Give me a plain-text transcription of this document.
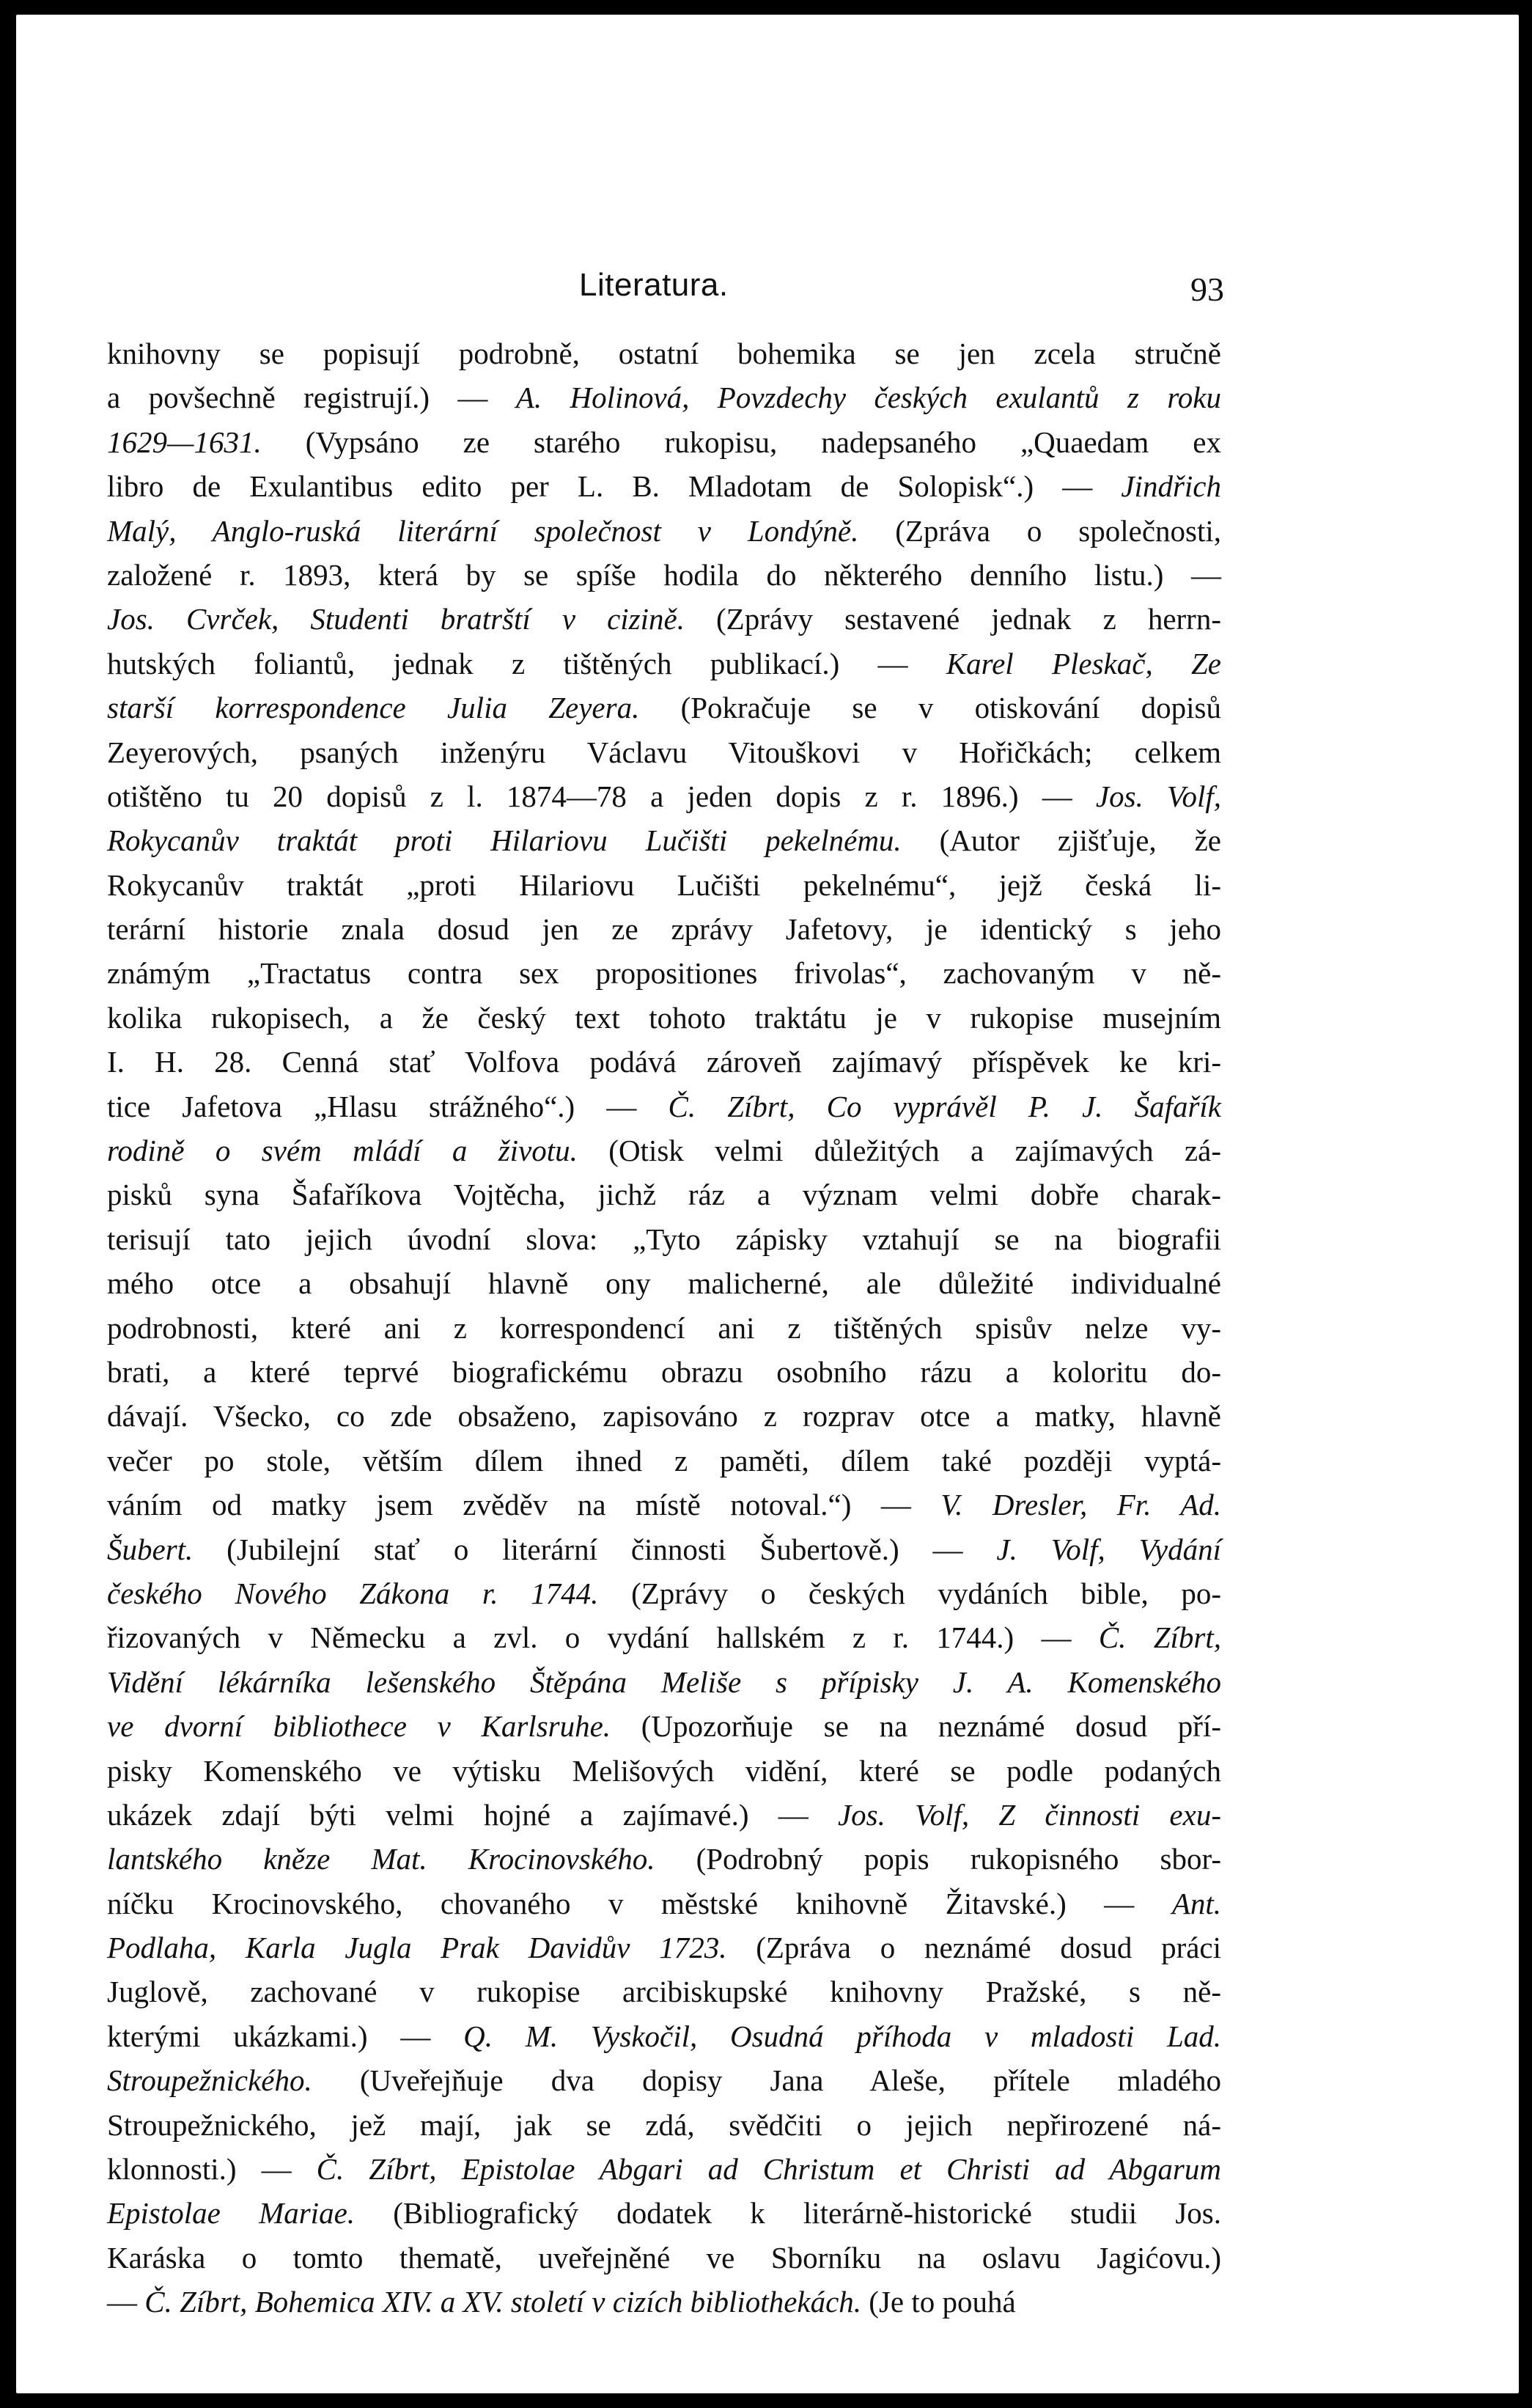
Literatura.	93
knihovny se popisují podrobně, ostatní bohemika se jen zcela stručně
a povšechně registrují.) — A. Holinová, Povzdechy českých exulantů z roku
1629—1631. (Vypsáno ze starého rukopisu, nadepsaného „Quaedam ex
libro de Exulantibus edito per L. B. Mladotam de Solopisk“.) — Jindřich
Malý, Anglo-ruská literární společnost v Londýně. (Zpráva o společnosti,
založené r. 1893, která by se spíše hodila do některého denního listu.) —
Jos. Cvrček, Studenti bratrští v cizině. (Zprávy sestavené jednak z herrn-
hutských foliantů, jednak z tištěných publikací.) — Karel Pleskač, Ze
starší korrespondence Julia Zeyera. (Pokračuje se v otiskování dopisů
Zeyerových, psaných inženýru Václavu Vitouškovi v Hořičkách; celkem
otištěno tu 20 dopisů z l. 1874—78 a jeden dopis z r. 1896.) — Jos. Volf,
Rokycanův traktát proti Hilariovu Lučišti pekelnému. (Autor zjišťuje, že
Rokycanův traktát „proti Hilariovu Lučišti pekelnému“, jejž česká li-
terární historie znala dosud jen ze zprávy Jafetovy, je identický s jeho
známým „Tractatus contra sex propositiones frivolas“, zachovaným v ně-
kolika rukopisech, a že český text tohoto traktátu je v rukopise musejním
I. H. 28. Cenná stať Volfova podává zároveň zajímavý příspěvek ke kri-
tice Jafetova „Hlasu strážného“.) — Č. Zíbrt, Co vyprávěl P. J. Šafařík
rodině o svém mládí a životu. (Otisk velmi důležitých a zajímavých zá-
pisků syna Šafaříkova Vojtěcha, jichž ráz a význam velmi dobře charak-
terisují tato jejich úvodní slova: „Tyto zápisky vztahují se na biografii
mého otce a obsahují hlavně ony malicherné, ale důležité individualné
podrobnosti, které ani z korrespondencí ani z tištěných spisův nelze vy-
brati, a které teprvé biografickému obrazu osobního rázu a koloritu do-
dávají. Všecko, co zde obsaženo, zapisováno z rozprav otce a matky, hlavně
večer po stole, větším dílem ihned z paměti, dílem také později vyptá-
váním od matky jsem zvěděv na místě notoval.“) — V. Dresler, Fr. Ad.
Šubert. (Jubilejní stať o literární činnosti Šubertově.) — J. Volf, Vydání
českého Nového Zákona r. 1744. (Zprávy o českých vydáních bible, po-
řizovaných v Německu a zvl. o vydání hallském z r. 1744.) — Č. Zíbrt,
Vidění lékárníka lešenského Štěpána Meliše s přípisky J. A. Komenského
ve dvorní bibliothece v Karlsruhe. (Upozorňuje se na neznámé dosud pří-
pisky Komenského ve výtisku Melišových vidění, které se podle podaných
ukázek zdají býti velmi hojné a zajímavé.) — Jos. Volf, Z činnosti exu-
lantského kněze Mat. Krocinovského. (Podrobný popis rukopisného sbor-
níčku Krocinovského, chovaného v městské knihovně Žitavské.) — Ant.
Podlaha, Karla Jugla Prak Davidův 1723. (Zpráva o neznámé dosud práci
Juglově, zachované v rukopise arcibiskupské knihovny Pražské, s ně-
kterými ukázkami.) — Q. M. Vyskočil, Osudná příhoda v mladosti Lad.
Stroupežnického. (Uveřejňuje dva dopisy Jana Aleše, přítele mladého
Stroupežnického, jež mají, jak se zdá, svědčiti o jejich nepřirozené ná-
klonnosti.) — Č. Zíbrt, Epistolae Abgari ad Christum et Christi ad Abgarum
Epistolae Mariae. (Bibliografický dodatek k literárně-historické studii Jos.
Karáska o tomto thematě, uveřejněné ve Sborníku na oslavu Jagićovu.)
— Č. Zíbrt, Bohemica XIV. a XV. století v cizích bibliothekách. (Je to pouhá
